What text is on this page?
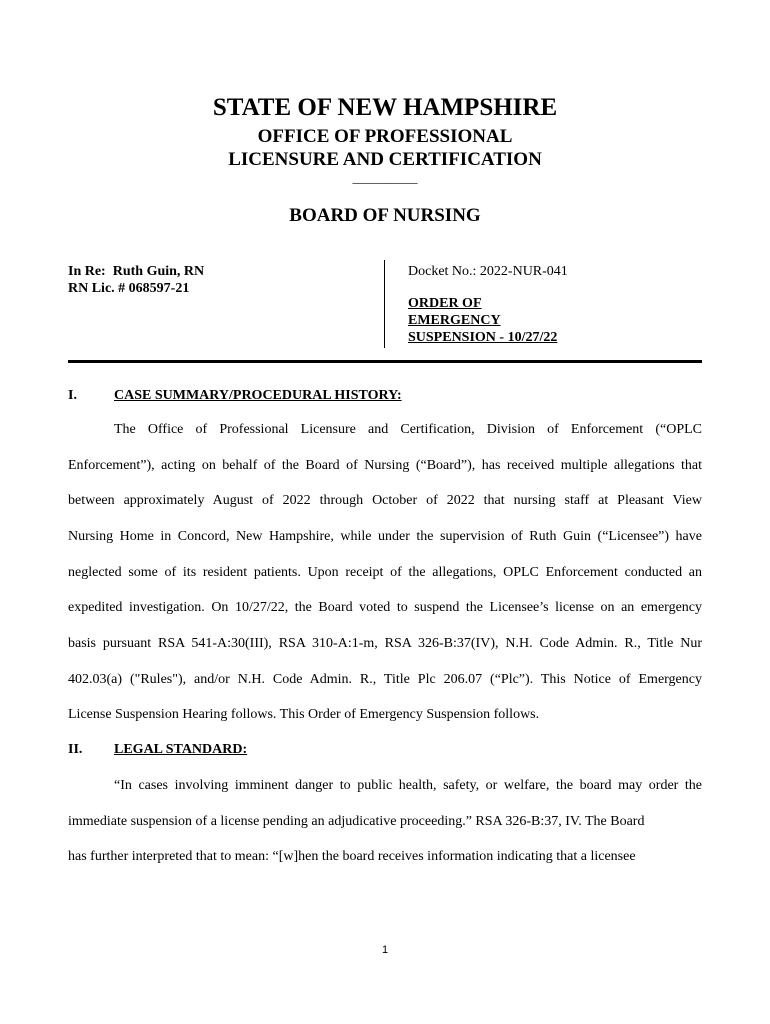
STATE OF NEW HAMPSHIRE
OFFICE OF PROFESSIONAL
LICENSURE AND CERTIFICATION
__________
BOARD OF NURSING
In Re:  Ruth Guin, RN
RN Lic. # 068597-21
Docket No.: 2022-NUR-041
ORDER OF
EMERGENCY
SUSPENSION - 10/27/22
I.	CASE SUMMARY/PROCEDURAL HISTORY:
The Office of Professional Licensure and Certification, Division of Enforcement (“OPLC
Enforcement”), acting on behalf of the Board of Nursing (“Board”), has received multiple allegations that
between approximately August of 2022 through October of 2022 that nursing staff at Pleasant View
Nursing Home in Concord, New Hampshire, while under the supervision of Ruth Guin (“Licensee”) have
neglected some of its resident patients. Upon receipt of the allegations, OPLC Enforcement conducted an
expedited investigation. On 10/27/22, the Board voted to suspend the Licensee’s license on an emergency
basis pursuant RSA 541-A:30(III), RSA 310-A:1-m, RSA 326-B:37(IV), N.H. Code Admin. R., Title Nur
402.03(a) ("Rules"), and/or N.H. Code Admin. R., Title Plc 206.07 (“Plc”). This Notice of Emergency
License Suspension Hearing follows. This Order of Emergency Suspension follows.
II. LEGAL STANDARD:
“In cases involving imminent danger to public health, safety, or welfare, the board may order the
immediate suspension of a license pending an adjudicative proceeding.” RSA 326-B:37, IV. The Board
has further interpreted that to mean: “[w]hen the board receives information indicating that a licensee
1
